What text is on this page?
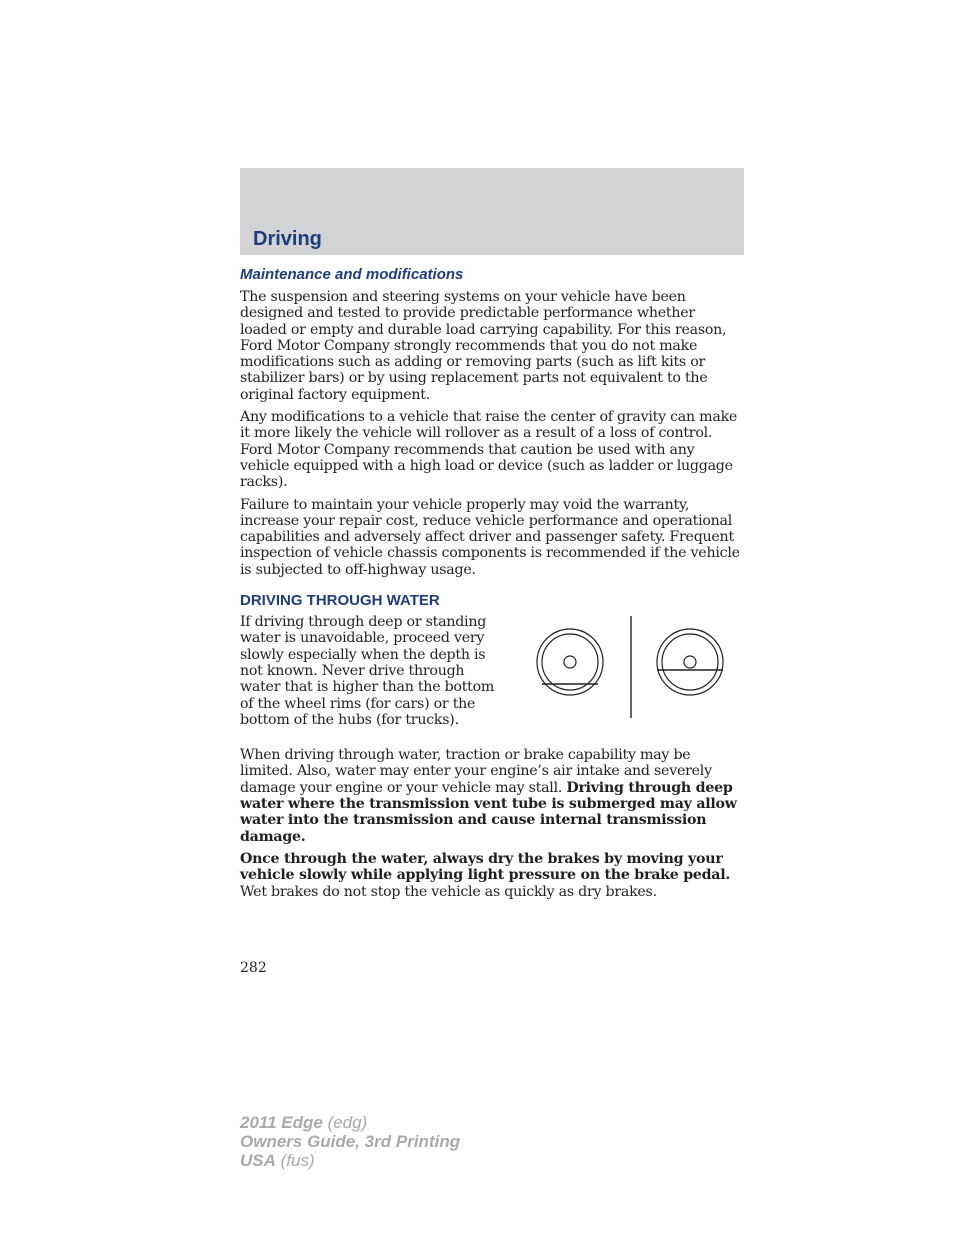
Driving
Maintenance and modifications

The suspension and steering systems on your vehicle have been designed and tested to provide predictable performance whether loaded or empty and durable load carrying capability. For this reason, Ford Motor Company strongly recommends that you do not make modifications such as adding or removing parts (such as lift kits or stabilizer bars) or by using replacement parts not equivalent to the original factory equipment.

Any modifications to a vehicle that raise the center of gravity can make it more likely the vehicle will rollover as a result of a loss of control. Ford Motor Company recommends that caution be used with any vehicle equipped with a high load or device (such as ladder or luggage racks).

Failure to maintain your vehicle properly may void the warranty, increase your repair cost, reduce vehicle performance and operational capabilities and adversely affect driver and passenger safety. Frequent inspection of vehicle chassis components is recommended if the vehicle is subjected to off-highway usage.

DRIVING THROUGH WATER

If driving through deep or standing water is unavoidable, proceed very slowly especially when the depth is not known. Never drive through water that is higher than the bottom of the wheel rims (for cars) or the bottom of the hubs (for trucks).

When driving through water, traction or brake capability may be limited. Also, water may enter your engine’s air intake and severely damage your engine or your vehicle may stall. Driving through deep water where the transmission vent tube is submerged may allow water into the transmission and cause internal transmission damage.

Once through the water, always dry the brakes by moving your vehicle slowly while applying light pressure on the brake pedal. Wet brakes do not stop the vehicle as quickly as dry brakes.

282
2011 Edge (edg)
Owners Guide, 3rd Printing
USA (fus)
